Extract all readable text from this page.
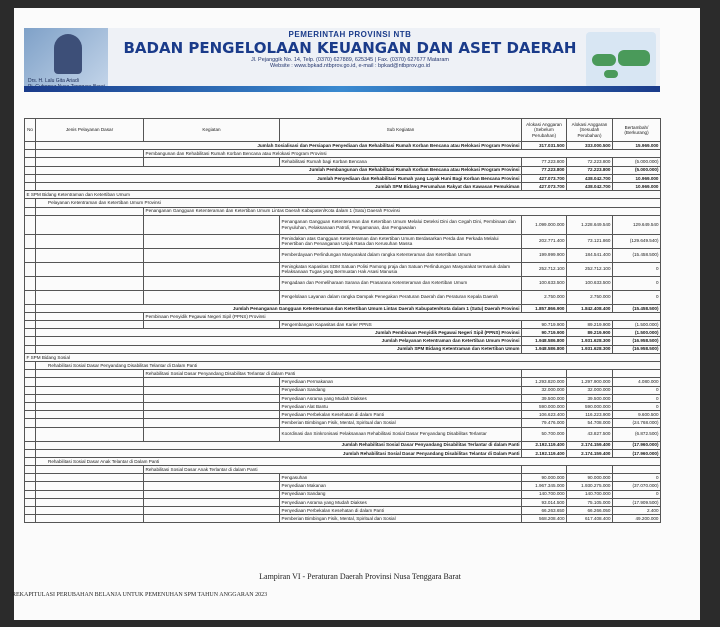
Drs. H. Lalu Gita Ariadi
PEMERINTAH PROVINSI NTB
BADAN PENGELOLAAN KEUANGAN DAN ASET DAERAH
Jl. Pejanggik No. 14, Telp. (0370) 627889, 625345 | Fax. (0370) 627677 Mataram
Website : www.bpkad.ntbprov.go.id, e-mail : bpkad@ntbprov.go.id
No	Jenis Pelayanan Dasar	Kegiatan	Sub Kegiatan	Alokasi Anggaran (Sebelum Perubahan)	Alokasi Anggaran (Sesudah Perubahan)	Bertambah/ (Berkurang)
	Jumlah Sosialisasi dan Persiapan Penyediaan dan Rehabilitasi Rumah Korban Bencana atau Relokasi Program Provinsi			317.031.500	333.000.500	15.969.000
		Pembangunan dan Rehabilitasi Rumah Korban Bencana atau Relokasi Program Provinsi				
			Rehabilitasi Rumah bagi Korban Bencana	77.223.800	72.223.800	(5.000.000)
	Jumlah Pembangunan dan Rehabilitasi Rumah Korban Bencana atau Relokasi Program Provinsi			77.223.800	72.223.800	(5.000.000)
	Jumlah Penyediaan dan Rehabilitasi Rumah yang Layak Huni Bagi Korban Bencana Provinsi			427.073.700	438.042.700	10.969.000
	Jumlah SPM Bidang Perumahan Rakyat dan Kawasan Pemukiman			427.073.700	438.042.700	10.969.000
E SPM Bidang Ketentraman dan Ketertiban Umum						
	Pelayanan Ketentraman dan Ketertiban Umum Provinsi					
		Penanganan Gangguan Ketenteraman dan Ketertiban Umum Lintas Daerah Kabupaten/Kota dalam 1 (Satu) Daerah Provinsi				
			Penanganan Gangguan Ketenteraman dan Ketertiban Umum Melalui Deteksi Dini dan Cegah Dini, Pembinaan dan Penyuluhan, Pelaksanaan Patroli, Pengamanan, dan Pengawalan	1.099.000.000	1.228.649.540	129.649.540
			Penindakan atas Gangguan Ketenteraman dan Ketertiban Umum Berdasarkan Perda dan Perkada Melalui Penertiban dan Penanganan Unjuk Rasa dan Kerusuhan Massa	202.771.400	73.121.860	(129.649.540)
			Pemberdayaan Perlindungan Masyarakat dalam rangka Ketenteraman dan Ketertiban Umum	199.999.900	184.541.400	(15.458.500)
			Peningkatan Kapasitas SDM Satuan Polisi Pamong praja dan Satuan Perlindungan Masyarakat termasuk dalam Pelaksanaan Tugas yang Bermuatan Hak Asasi Manusia	252.712.100	252.712.100	0
			Pengadaan dan Pemeliharaan Sarana dan Prasarana Ketenteraman dan Ketertiban Umum	100.633.500	100.633.500	0
			Pengelolaan Layanan dalam rangka Dampak Penegakan Peraturan Daerah dan Peraturan Kepala Daerah	2.750.000	2.750.000	0
	Jumlah Penanganan Gangguan Ketenteraman dan Ketertiban Umum Lintas Daerah Kabupaten/Kota dalam 1 (Satu) Daerah Provinsi			1.857.866.900	1.842.408.400	(15.458.500)
		Pembinaan Penyidik Pegawai Negeri Sipil (PPNS) Provinsi				
			Pengembangan Kapasitas dan Karier PPNS	90.719.900	89.219.900	(1.500.000)
	Jumlah Pembinaan Penyidik Pegawai Negeri Sipil (PPNS) Provinsi			90.719.900	89.219.900	(1.500.000)
	Jumlah Pelayanan Ketentraman dan Ketertiban Umum Provinsi			1.948.586.800	1.931.628.300	(16.958.500)
	Jumlah SPM Bidang Ketentraman dan Ketertiban Umum			1.948.586.800	1.931.628.300	(16.958.500)
F SPM Bidang Sosial						
	Rehabilitasi Sosial Dasar Penyandang Disabilitas Telantar di Dalam Panti					
		Rehabilitasi Sosial Dasar Penyandang Disabilitas Terlantar di dalam Panti				
			Penyediaan Permakanan	1.293.820.000	1.297.900.000	4.080.000
			Penyediaan Sandang	32.000.000	32.000.000	0
			Penyediaan Asrama yang Mudah Diakses	39.500.000	39.500.000	0
			Penyediaan Alat Bantu	590.000.000	590.000.000	0
			Penyediaan Perbekalan Kesehatan di dalam Panti	106.623.400	116.223.900	9.600.500
			Pemberian Bimbingan Fisik, Mental, Spiritual dan Sosial	79.476.000	54.708.000	(24.768.000)
			Koordinasi dan Sinkronisasi Pelaksanaan Rehabilitasi Sosial Dasar Penyandang Disabilitas Terlantar	50.700.000	43.827.500	(6.872.500)
	Jumlah Rehabilitasi Sosial Dasar Penyandang Disabilitas Terlantar di dalam Panti			2.192.119.400	2.174.159.400	(17.960.000)
	Jumlah Rehabilitasi Sosial Dasar Penyandang Disabilitas Telantar di Dalam Panti			2.192.119.400	2.174.159.400	(17.960.000)
	Rehabilitasi Sosial Dasar Anak Telantar di Dalam Panti					
		Rehabilitasi Sosial Dasar Anak Terlantar di dalam Panti				
			Pengasuhan	90.000.000	90.000.000	0
			Penyediaan Makanan	1.967.345.000	1.930.275.000	(37.070.000)
			Penyediaan Sandang	140.700.000	140.700.000	0
			Penyediaan Asrama yang Mudah Diakses	93.014.500	75.105.000	(17.909.500)
			Penyediaan Perbekalan Kesehatan di dalam Panti	66.263.650	66.266.050	2.400
			Pemberian Bimbingan Fisik, Mental, Spiritual dan Sosial	568.208.400	617.408.400	49.200.000
Lampiran VI - Peraturan Daerah Provinsi Nusa Tenggara Barat
REKAPITULASI PERUBAHAN BELANJA UNTUK PEMENUHAN SPM TAHUN ANGGARAN 2023
